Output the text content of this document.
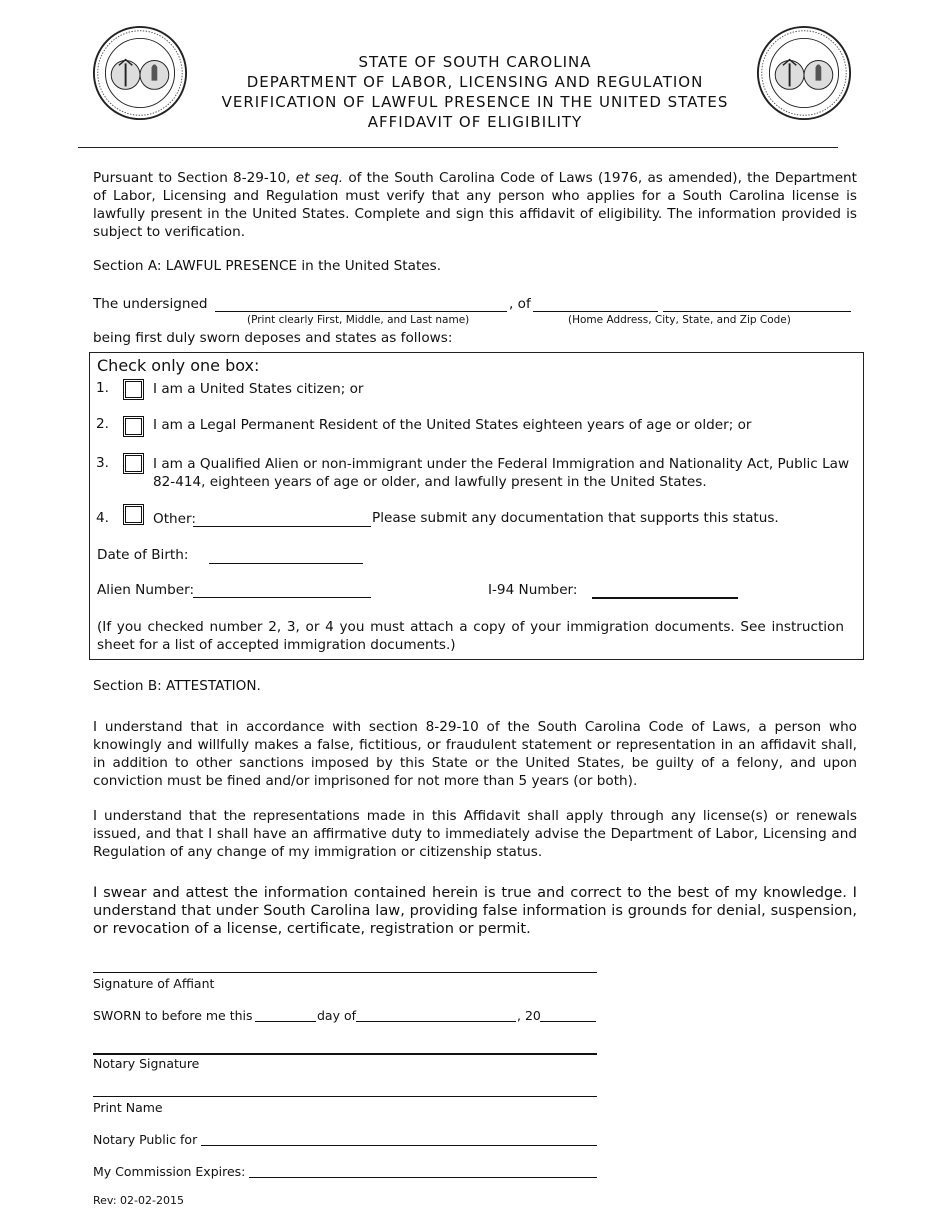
STATE OF SOUTH CAROLINA
DEPARTMENT OF LABOR, LICENSING AND REGULATION
VERIFICATION OF LAWFUL PRESENCE IN THE UNITED STATES
AFFIDAVIT OF ELIGIBILITY
Pursuant to Section 8-29-10, et seq. of the South Carolina Code of Laws (1976, as amended), the Department of Labor, Licensing and Regulation must verify that any person who applies for a South Carolina license is lawfully present in the United States. Complete and sign this affidavit of eligibility. The information provided is subject to verification.
Section A: LAWFUL PRESENCE in the United States.
The undersigned	, of
(Print clearly First, Middle, and Last name)	(Home Address, City, State, and Zip Code)
being first duly sworn deposes and states as follows:
Check only one box:
1.	I am a United States citizen; or
2.	I am a Legal Permanent Resident of the United States eighteen years of age or older; or
3.	I am a Qualified Alien or non-immigrant under the Federal Immigration and Nationality Act, Public Law
82-414, eighteen years of age or older, and lawfully present in the United States.
4.	Other:	Please submit any documentation that supports this status.
Date of Birth:
Alien Number:	I-94 Number:
(If you checked number 2, 3, or 4 you must attach a copy of your immigration documents. See instruction sheet for a list of accepted immigration documents.)
Section B: ATTESTATION.
I understand that in accordance with section 8-29-10 of the South Carolina Code of Laws, a person who knowingly and willfully makes a false, fictitious, or fraudulent statement or representation in an affidavit shall, in addition to other sanctions imposed by this State or the United States, be guilty of a felony, and upon conviction must be fined and/or imprisoned for not more than 5 years (or both).
I understand that the representations made in this Affidavit shall apply through any license(s) or renewals issued, and that I shall have an affirmative duty to immediately advise the Department of Labor, Licensing and Regulation of any change of my immigration or citizenship status.
I swear and attest the information contained herein is true and correct to the best of my knowledge. I understand that under South Carolina law, providing false information is grounds for denial, suspension, or revocation of a license, certificate, registration or permit.
Signature of Affiant
SWORN to before me this	day of	, 20
Notary Signature
Print Name
Notary Public for
My Commission Expires:
Rev: 02-02-2015
